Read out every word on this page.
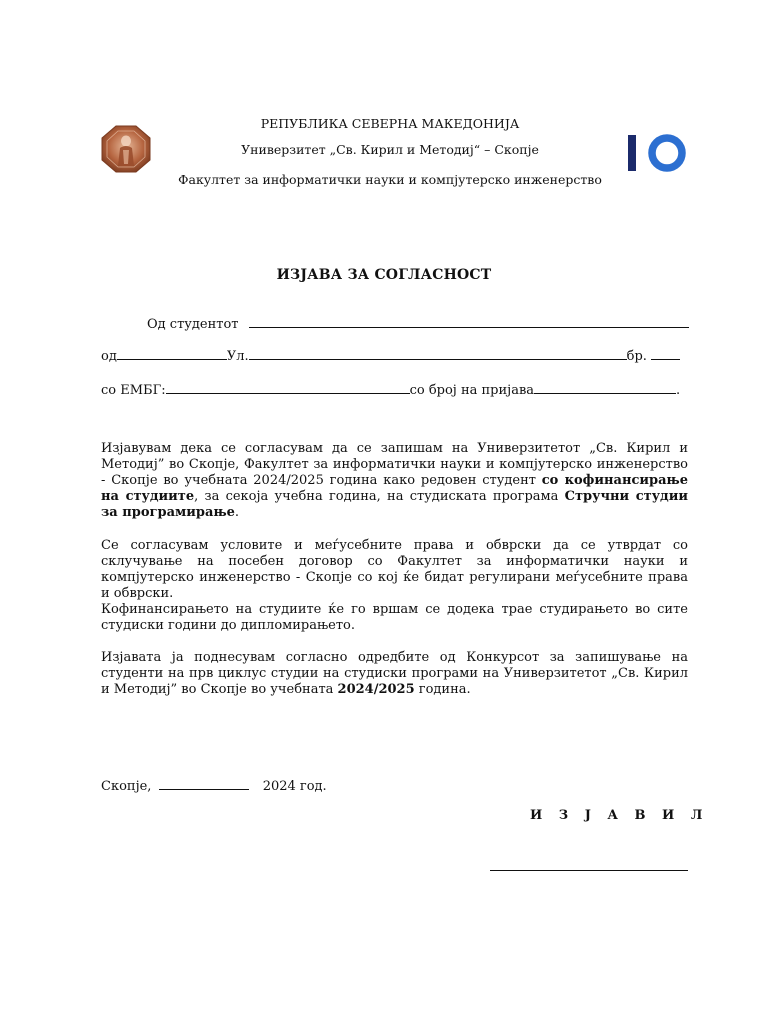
РЕПУБЛИКА СЕВЕРНА МАКЕДОНИЈА
Универзитет „Св. Кирил и Методиј“ – Скопје
Факултет за информатички науки и компјутерско инженерство
ИЗЈАВА ЗА СОГЛАСНОСТ
Од студентот
од	Ул.	бр.
со ЕМБГ:	со број на пријава	.
Изјавувам дека се согласувам да се запишам на Универзитетот „Св. Кирил и Методиј” во Скопје, Факултет за информатички науки и компјутерско инженерство - Скопје во учебната 2024/2025 година како редовен студент со кофинансирање на студиите, за секоја учебна година, на студиската програма Стручни студии за програмирање.
Се согласувам условите и меѓусебните права и обврски да се утврдат со склучување на посебен договор со Факултет за информатички науки и компјутерско инженерство - Скопје со кој ќе бидат регулирани меѓусебните права и обврски.
Кофинансирањето на студиите ќе го вршам се додека трае студирањето во сите студиски години до дипломирањето.
Изјавата ја поднесувам согласно одредбите од Конкурсот за запишување на студенти на прв циклус студии на студиски програми на Универзитетот „Св. Кирил и Методиј” во Скопје во учебната 2024/2025 година.
Скопје,	2024 год.
И З Ј А В И Л
